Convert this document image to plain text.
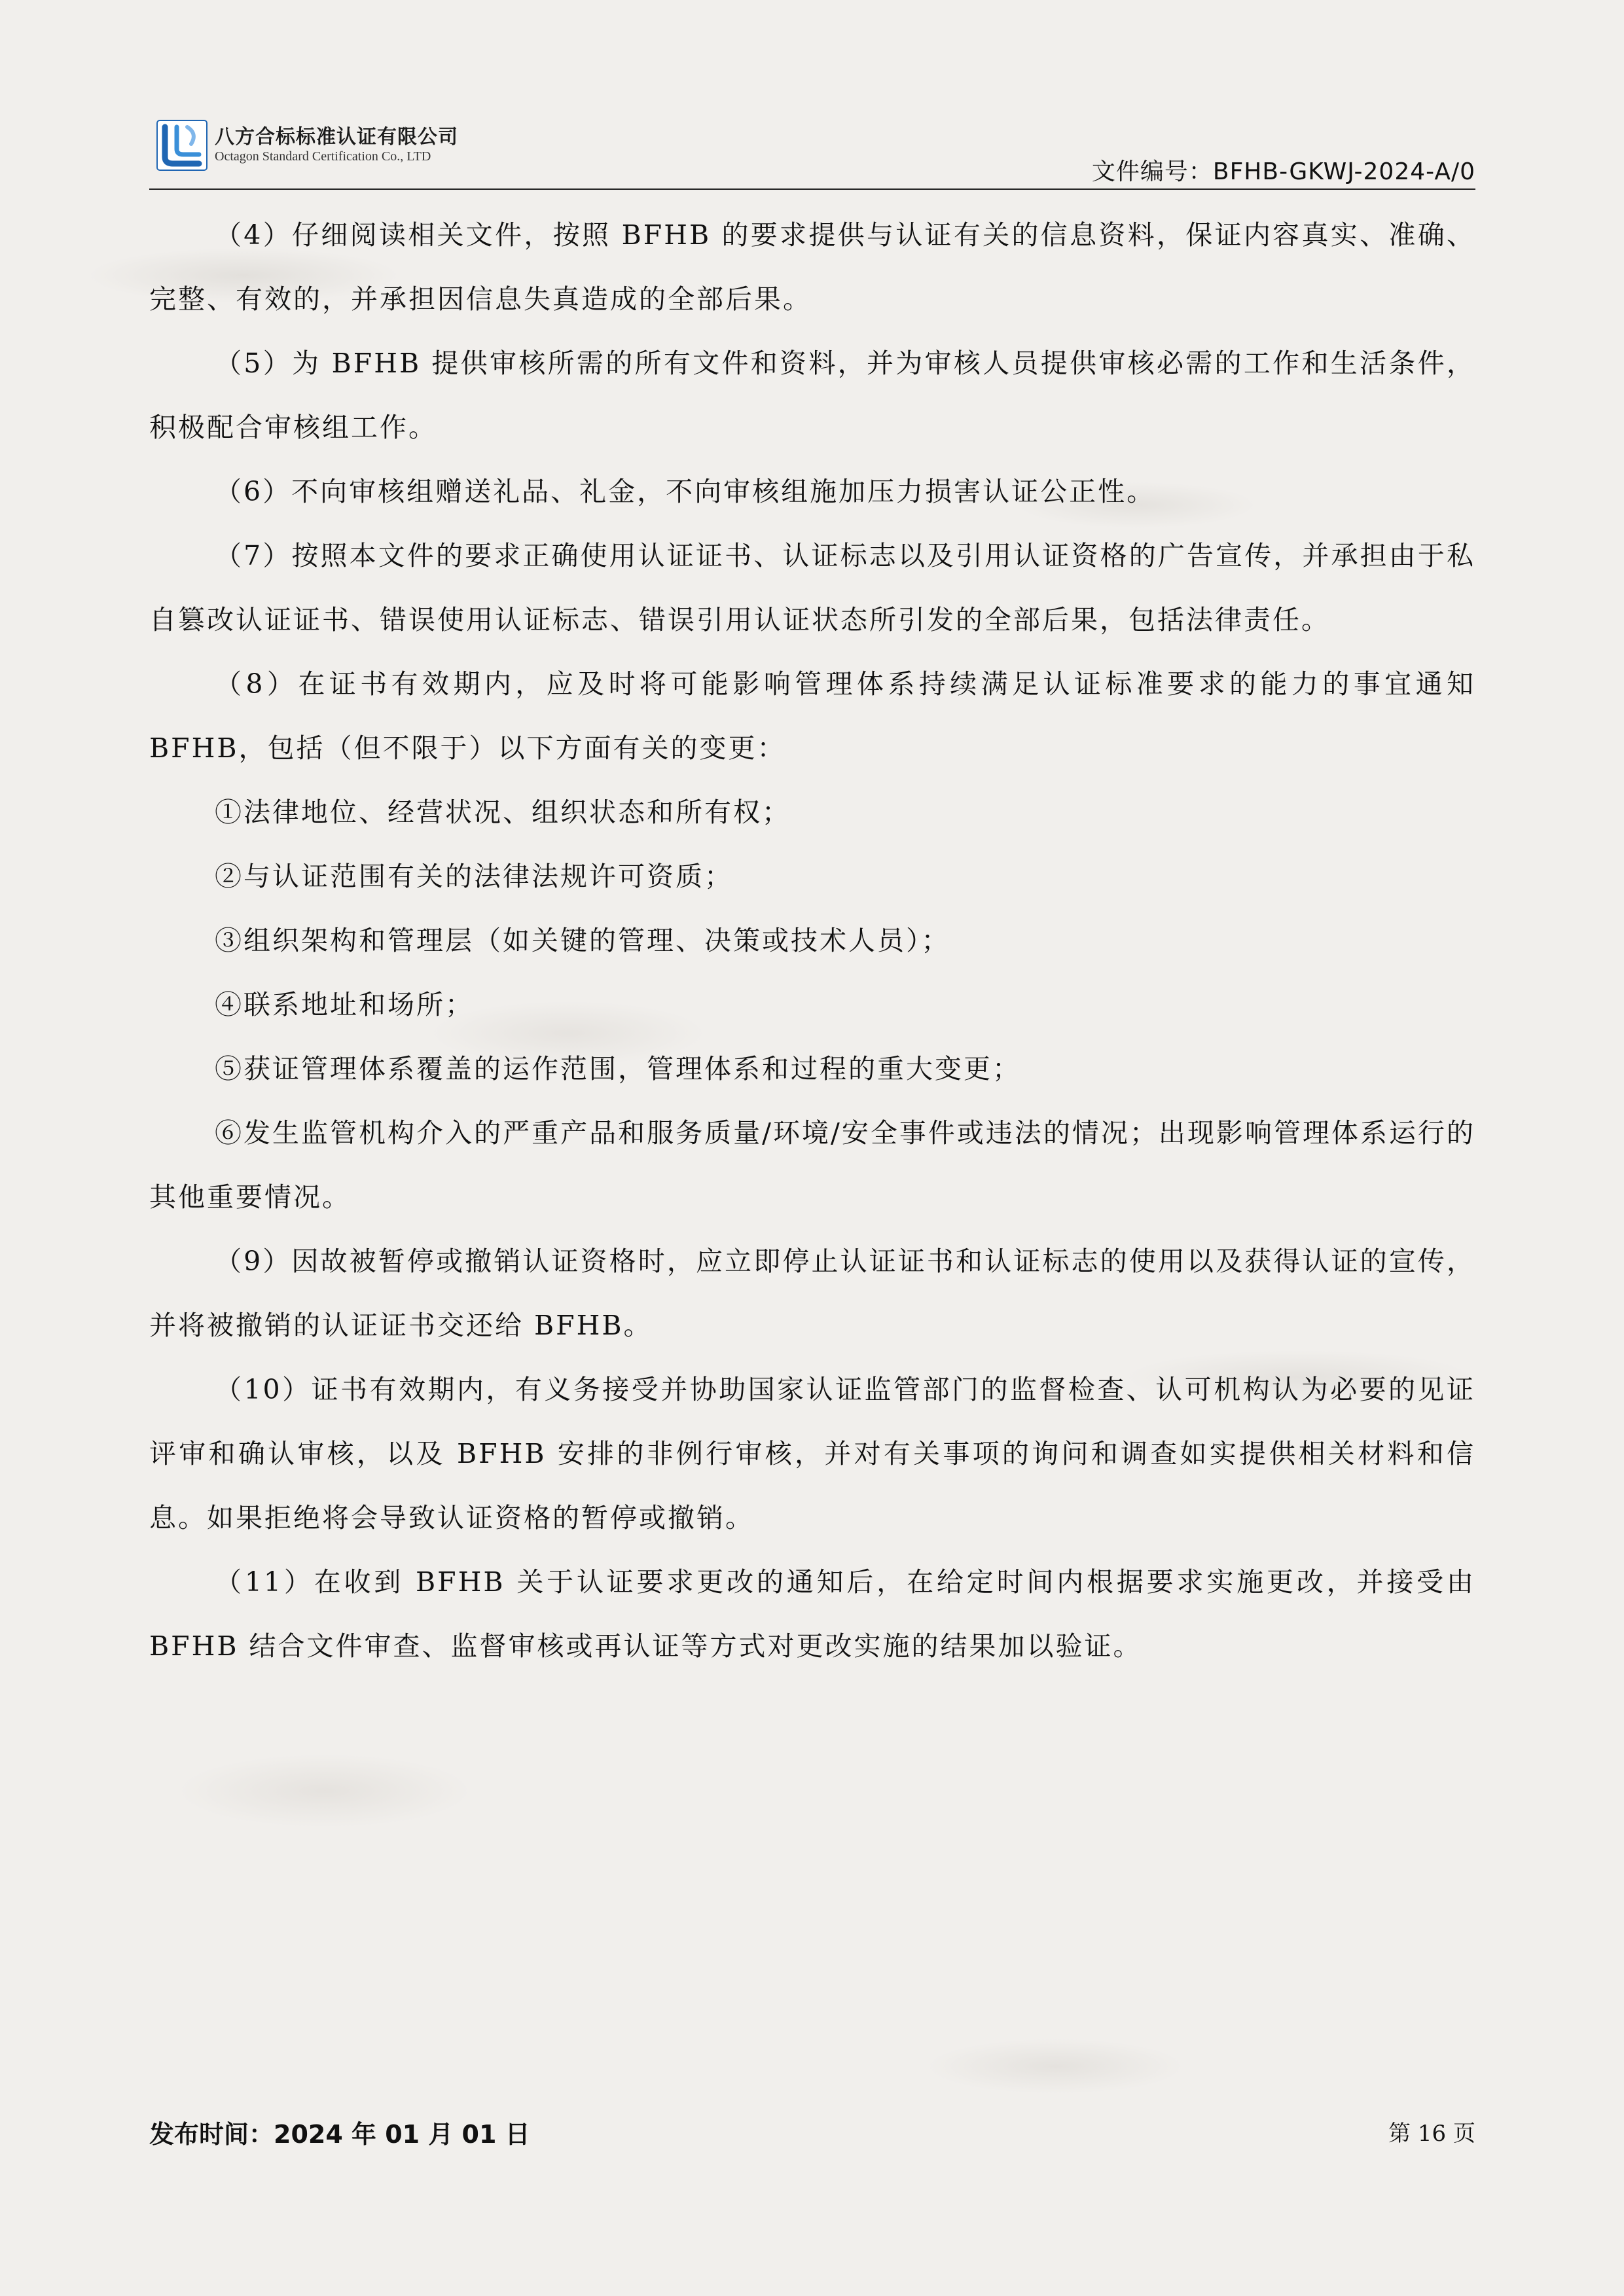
八方合标标准认证有限公司
Octagon Standard Certification Co., LTD
文件编号：BFHB-GKWJ-2024-A/0

（4）仔细阅读相关文件，按照 BFHB 的要求提供与认证有关的信息资料，保证内容真实、准确、完整、有效的，并承担因信息失真造成的全部后果。

（5）为 BFHB 提供审核所需的所有文件和资料，并为审核人员提供审核必需的工作和生活条件，积极配合审核组工作。

（6）不向审核组赠送礼品、礼金，不向审核组施加压力损害认证公正性。

（7）按照本文件的要求正确使用认证证书、认证标志以及引用认证资格的广告宣传，并承担由于私自篡改认证证书、错误使用认证标志、错误引用认证状态所引发的全部后果，包括法律责任。

（8）在证书有效期内，应及时将可能影响管理体系持续满足认证标准要求的能力的事宜通知 BFHB，包括（但不限于）以下方面有关的变更：

①法律地位、经营状况、组织状态和所有权；

②与认证范围有关的法律法规许可资质；

③组织架构和管理层（如关键的管理、决策或技术人员）；

④联系地址和场所；

⑤获证管理体系覆盖的运作范围，管理体系和过程的重大变更；

⑥发生监管机构介入的严重产品和服务质量/环境/安全事件或违法的情况；出现影响管理体系运行的其他重要情况。

（9）因故被暂停或撤销认证资格时，应立即停止认证证书和认证标志的使用以及获得认证的宣传，并将被撤销的认证证书交还给 BFHB。

（10）证书有效期内，有义务接受并协助国家认证监管部门的监督检查、认可机构认为必要的见证评审和确认审核，以及 BFHB 安排的非例行审核，并对有关事项的询问和调查如实提供相关材料和信息。如果拒绝将会导致认证资格的暂停或撤销。

（11）在收到 BFHB 关于认证要求更改的通知后，在给定时间内根据要求实施更改，并接受由 BFHB 结合文件审查、监督审核或再认证等方式对更改实施的结果加以验证。

发布时间：2024 年 01 月 01 日	第 16 页
